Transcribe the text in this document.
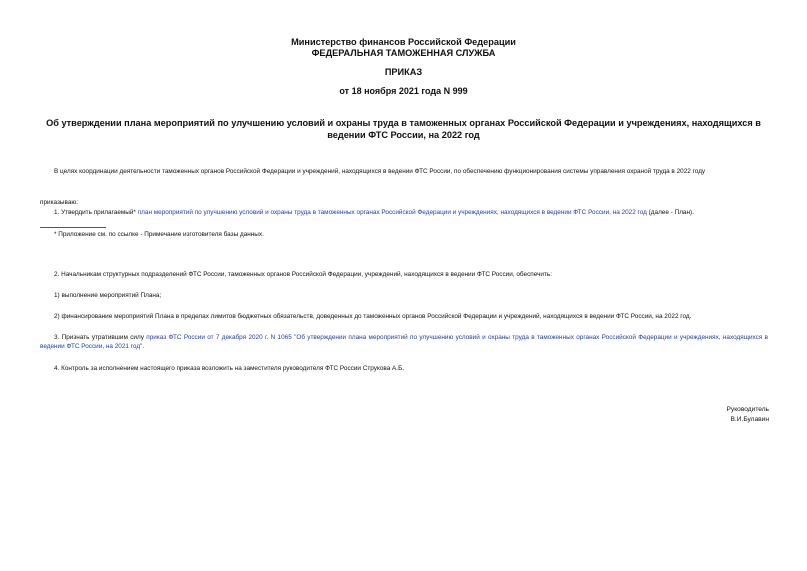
Министерство финансов Российской Федерации
ФЕДЕРАЛЬНАЯ ТАМОЖЕННАЯ СЛУЖБА
ПРИКАЗ
от 18 ноября 2021 года N 999
Об утверждении плана мероприятий по улучшению условий и охраны труда в таможенных органах Российской Федерации и учреждениях, находящихся в ведении ФТС России, на 2022 год
В целях координации деятельности таможенных органов Российской Федерации и учреждений, находящихся в ведении ФТС России, по обеспечению функционирования системы управления охраной труда в 2022 году
приказываю:
1. Утвердить прилагаемый* план мероприятий по улучшению условий и охраны труда в таможенных органах Российской Федерации и учреждениях, находящихся в ведении ФТС России, на 2022 год (далее - План).
* Приложение см. по ссылке - Примечание изготовителя базы данных.
2. Начальникам структурных подразделений ФТС России, таможенных органов Российской Федерации, учреждений, находящихся в ведении ФТС России, обеспечить:
1) выполнение мероприятий Плана;
2) финансирование мероприятий Плана в пределах лимитов бюджетных обязательств, доведенных до таможенных органов Российской Федерации и учреждений, находящихся в ведении ФТС России, на 2022 год.
3. Признать утратившим силу приказ ФТС России от 7 декабря 2020 г. N 1065 "Об утверждении плана мероприятий по улучшению условий и охраны труда в таможенных органах Российской Федерации и учреждениях, находящихся в ведении ФТС России, на 2021 год".
4. Контроль за исполнением настоящего приказа возложить на заместителя руководителя ФТС России Струкова А.Б.
Руководитель
В.И.Булавин
